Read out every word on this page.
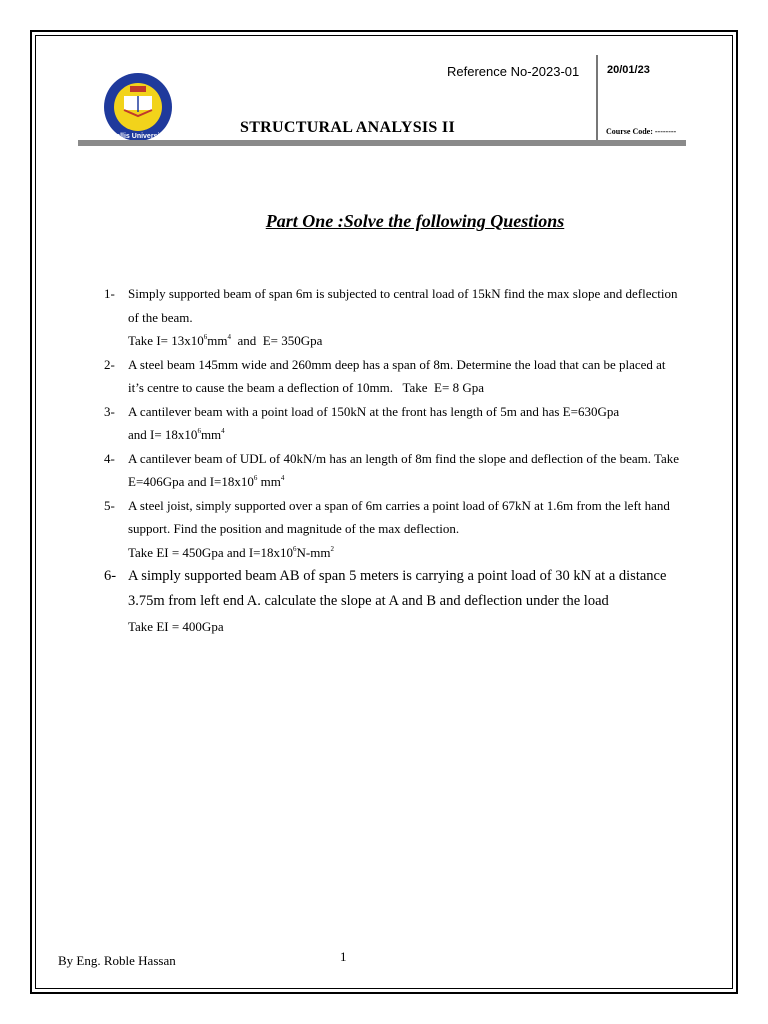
Gollis University
Reference No-2023-01	20/01/23
STRUCTURAL ANALYSIS II	Course Code: --------
Part One :Solve the following Questions
1- Simply supported beam of span 6m is subjected to central load of 15kN find the max slope and deflection of the beam.
Take $I= 13x10^6mm^4$  and  E= 350Gpa
2- A steel beam 145mm wide and 260mm deep has a span of 8m. Determine the load that can be placed at it’s centre to cause the beam a deflection of 10mm.   Take  E= 8 Gpa
3- A cantilever beam with a point load of 150kN at the front has length of 5m and has E=630Gpa
and $I= 18x10^6mm^4$
4- A cantilever beam of UDL of 40kN/m has an length of 8m find the slope and deflection of the beam. Take E=406Gpa and $I=18x10^6$ $mm^4$
5- A steel joist, simply supported over a span of 6m carries a point load of 67kN at 1.6m from the left hand support. Find the position and magnitude of the max deflection.
Take EI = 450Gpa and $I=18x10^6N-mm^2$
6- A simply supported beam AB of span 5 meters is carrying a point load of 30 kN at a distance 3.75m from left end A. calculate the slope at A and B and deflection under the load
Take EI = 400Gpa
By Eng. Roble Hassan	1
